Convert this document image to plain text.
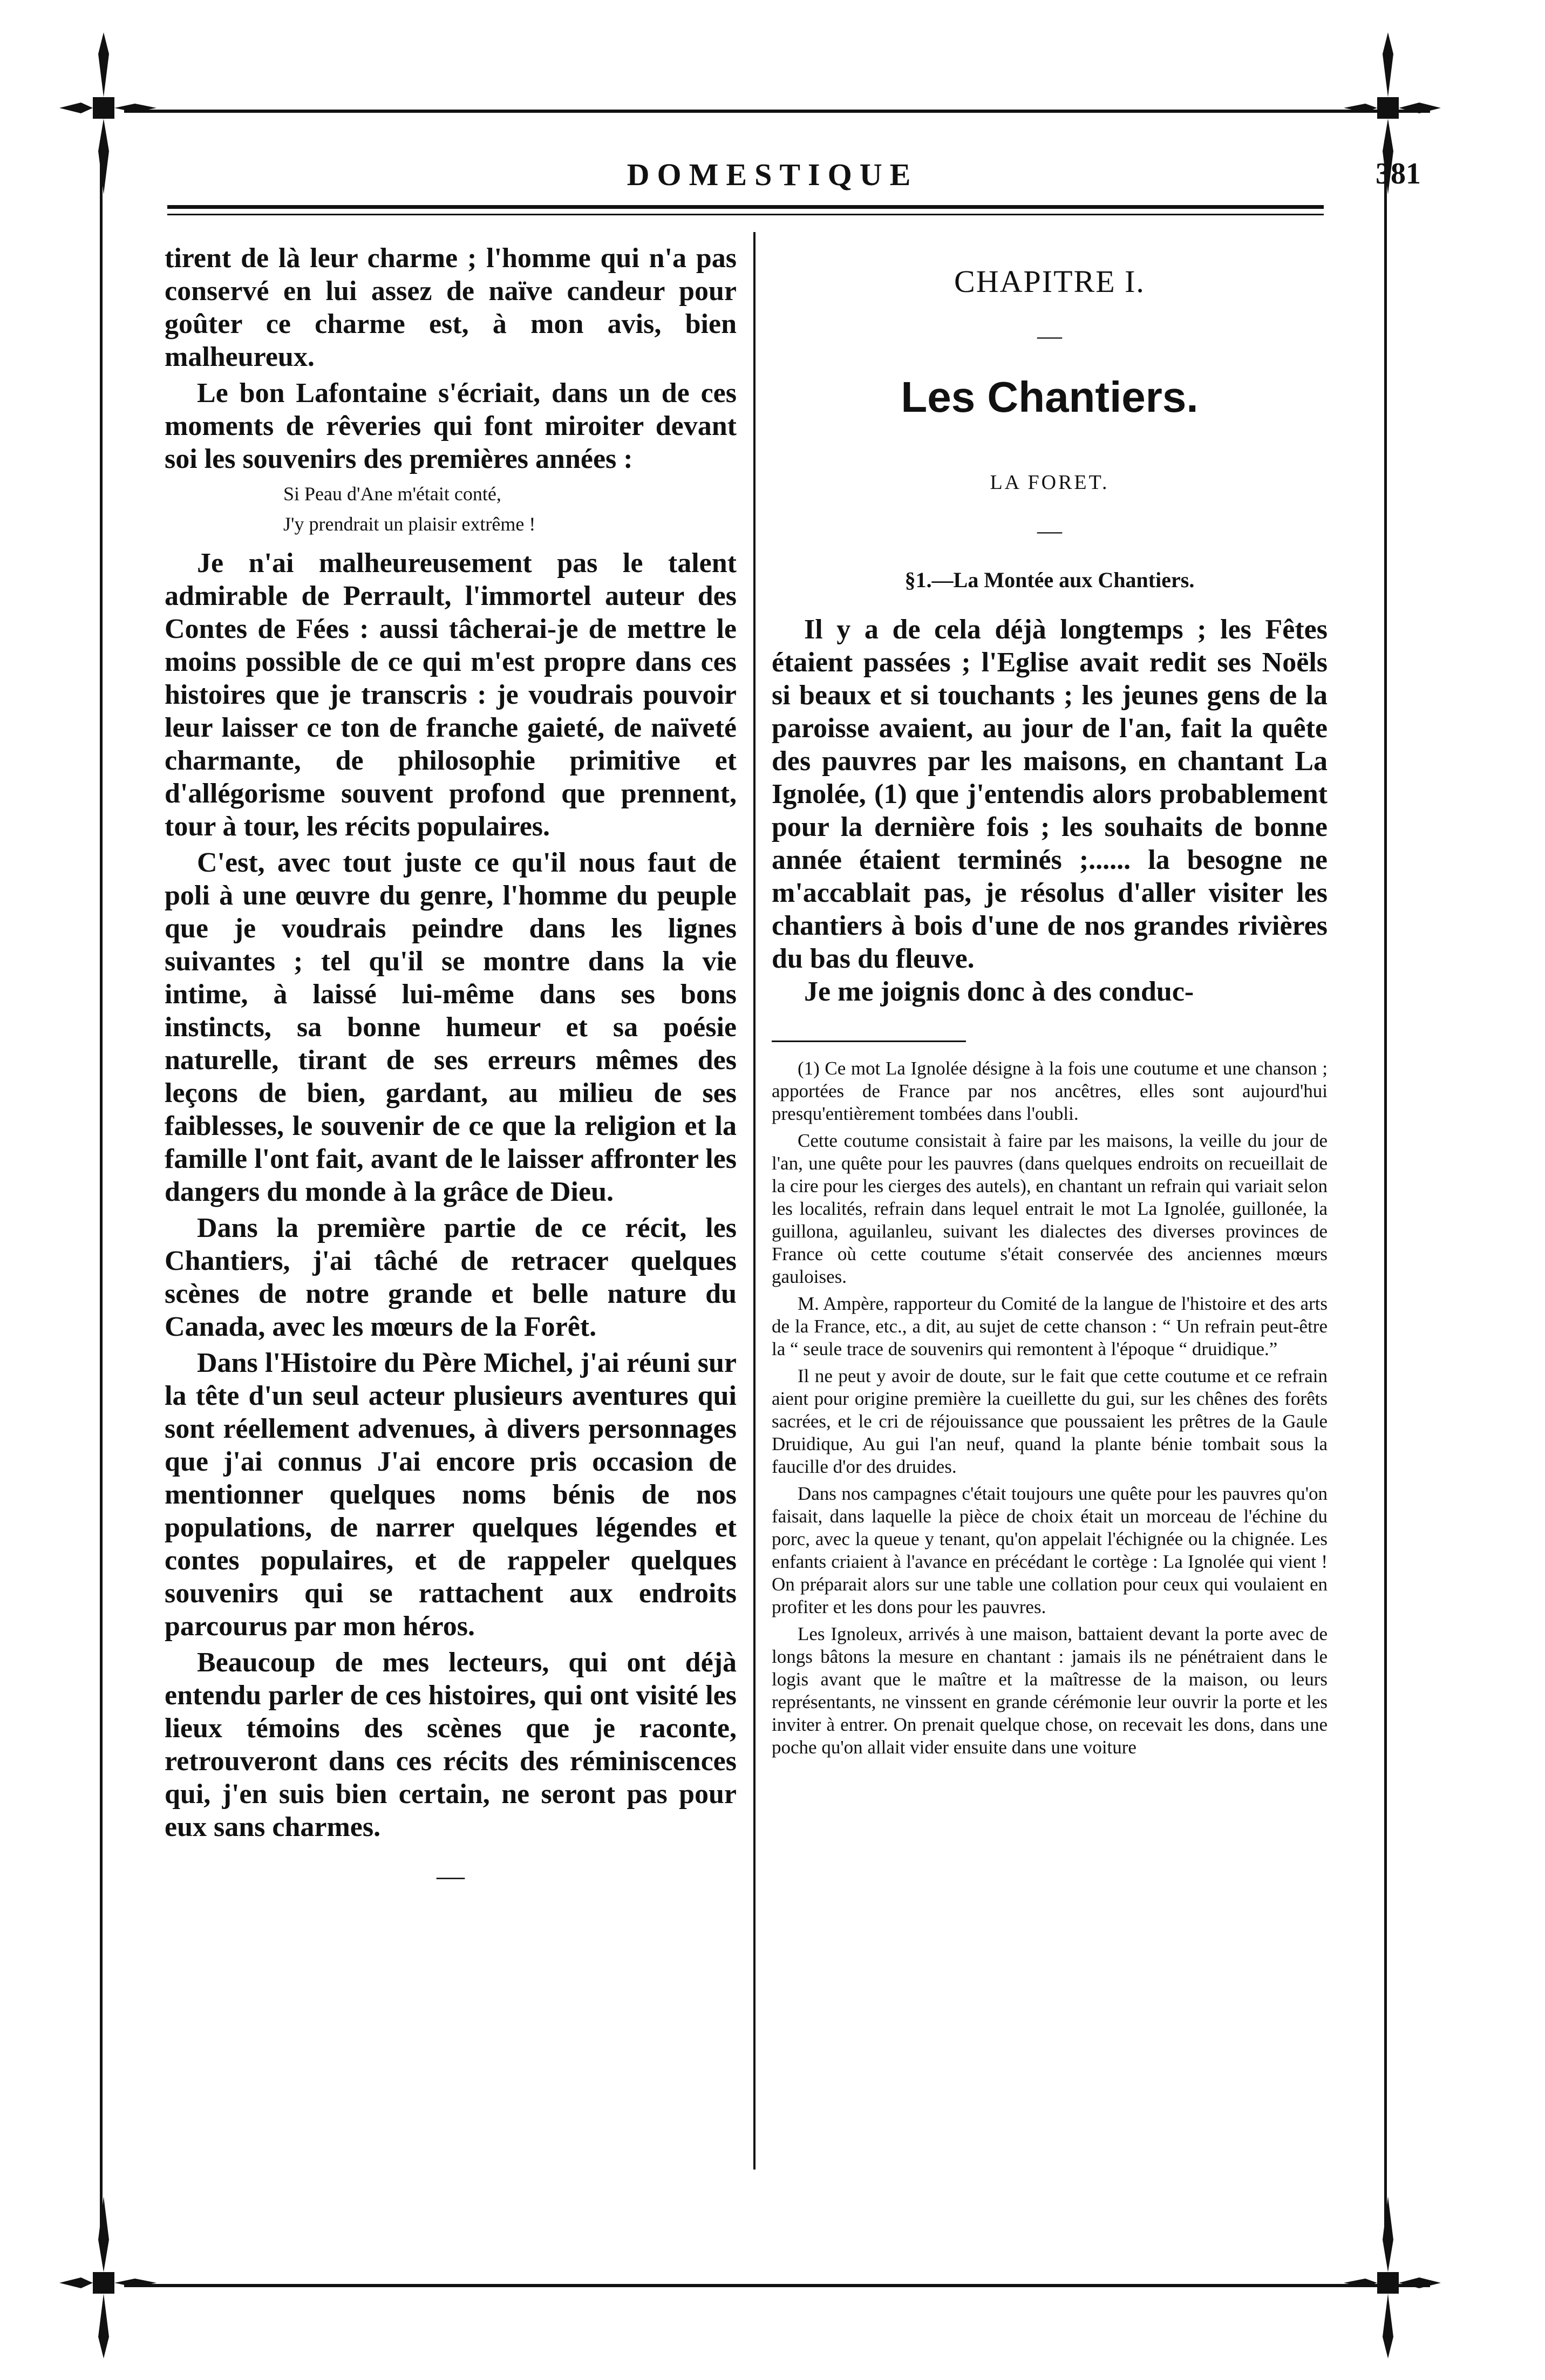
DOMESTIQUE	381

tirent de là leur charme ; l'homme qui n'a pas conservé en lui assez de naïve candeur pour goûter ce charme est, à mon avis, bien malheureux.

Le bon Lafontaine s'écriait, dans un de ces moments de rêveries qui font miroiter devant soi les souvenirs des premières années :

Si Peau d'Ane m'était conté,
J'y prendrait un plaisir extrême !

Je n'ai malheureusement pas le talent admirable de Perrault, l'immortel auteur des Contes de Fées : aussi tâcherai-je de mettre le moins possible de ce qui m'est propre dans ces histoires que je transcris : je voudrais pouvoir leur laisser ce ton de franche gaieté, de naïveté charmante, de philosophie primitive et d'allégorisme souvent profond que prennent, tour à tour, les récits populaires.

C'est, avec tout juste ce qu'il nous faut de poli à une œuvre du genre, l'homme du peuple que je voudrais peindre dans les lignes suivantes ; tel qu'il se montre dans la vie intime, à laissé lui-même dans ses bons instincts, sa bonne humeur et sa poésie naturelle, tirant de ses erreurs mêmes des leçons de bien, gardant, au milieu de ses faiblesses, le souvenir de ce que la religion et la famille l'ont fait, avant de le laisser affronter les dangers du monde à la grâce de Dieu.

Dans la première partie de ce récit, les Chantiers, j'ai tâché de retracer quelques scènes de notre grande et belle nature du Canada, avec les mœurs de la Forêt.

Dans l'Histoire du Père Michel, j'ai réuni sur la tête d'un seul acteur plusieurs aventures qui sont réellement advenues, à divers personnages que j'ai connus J'ai encore pris occasion de mentionner quelques noms bénis de nos populations, de narrer quelques légendes et contes populaires, et de rappeler quelques souvenirs qui se rattachent aux endroits parcourus par mon héros.

Beaucoup de mes lecteurs, qui ont déjà entendu parler de ces histoires, qui ont visité les lieux témoins des scènes que je raconte, retrouveront dans ces récits des réminiscences qui, j'en suis bien certain, ne seront pas pour eux sans charmes.

—
CHAPITRE I.
—
Les Chantiers.
LA FORET.
—
§1.—La Montée aux Chantiers.

Il y a de cela déjà longtemps ; les Fêtes étaient passées ; l'Eglise avait redit ses Noëls si beaux et si touchants ; les jeunes gens de la paroisse avaient, au jour de l'an, fait la quête des pauvres par les maisons, en chantant La Ignolée, (1) que j'entendis alors probablement pour la dernière fois ; les souhaits de bonne année étaient terminés ;...... la besogne ne m'accablait pas, je résolus d'aller visiter les chantiers à bois d'une de nos grandes rivières du bas du fleuve.

Je me joignis donc à des conduc-

(1) Ce mot La Ignolée désigne à la fois une coutume et une chanson ; apportées de France par nos ancêtres, elles sont aujourd'hui presqu'entièrement tombées dans l'oubli.

Cette coutume consistait à faire par les maisons, la veille du jour de l'an, une quête pour les pauvres (dans quelques endroits on recueillait de la cire pour les cierges des autels), en chantant un refrain qui variait selon les localités, refrain dans lequel entrait le mot La Ignolée, guillonée, la guillona, aguilanleu, suivant les dialectes des diverses provinces de France où cette coutume s'était conservée des anciennes mœurs gauloises.

M. Ampère, rapporteur du Comité de la langue de l'histoire et des arts de la France, etc., a dit, au sujet de cette chanson : “ Un refrain peut-être la “ seule trace de souvenirs qui remontent à l'époque “ druidique.”

Il ne peut y avoir de doute, sur le fait que cette coutume et ce refrain aient pour origine première la cueillette du gui, sur les chênes des forêts sacrées, et le cri de réjouissance que poussaient les prêtres de la Gaule Druidique, Au gui l'an neuf, quand la plante bénie tombait sous la faucille d'or des druides.

Dans nos campagnes c'était toujours une quête pour les pauvres qu'on faisait, dans laquelle la pièce de choix était un morceau de l'échine du porc, avec la queue y tenant, qu'on appelait l'échignée ou la chignée. Les enfants criaient à l'avance en précédant le cortège : La Ignolée qui vient ! On préparait alors sur une table une collation pour ceux qui voulaient en profiter et les dons pour les pauvres.

Les Ignoleux, arrivés à une maison, battaient devant la porte avec de longs bâtons la mesure en chantant : jamais ils ne pénétraient dans le logis avant que le maître et la maîtresse de la maison, ou leurs représentants, ne vinssent en grande cérémonie leur ouvrir la porte et les inviter à entrer. On prenait quelque chose, on recevait les dons, dans une poche qu'on allait vider ensuite dans une voiture
